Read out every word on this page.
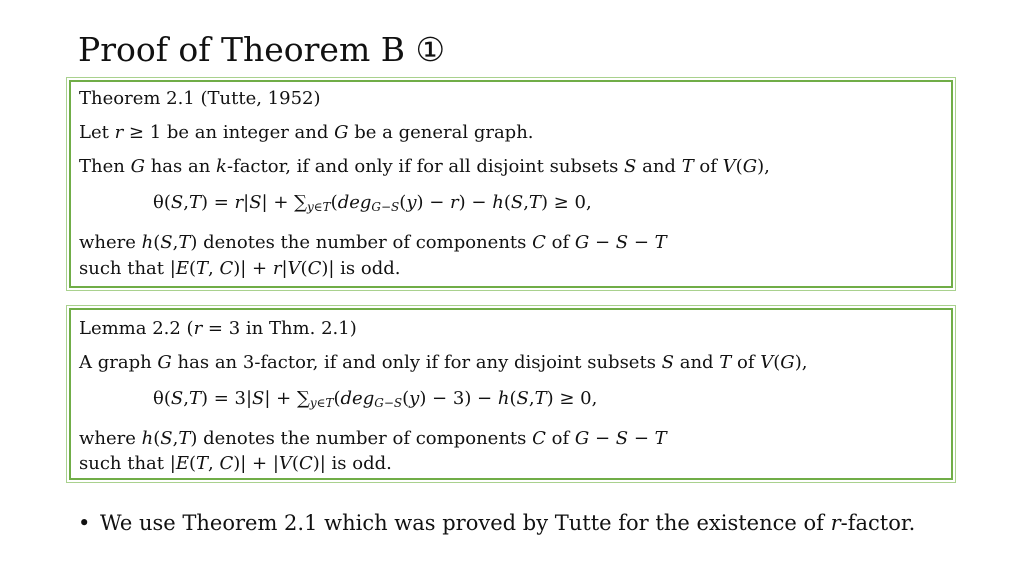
Proof of Theorem B ①
Theorem 2.1 (Tutte, 1952)
Let r ≥ 1 be an integer and G be a general graph.
Then G has an k-factor, if and only if for all disjoint subsets S and T of V(G),
$\theta(S,T) = r|S| + \sum_{y\in T}(deg_{G-S}(y) - r) - h(S,T) \ge 0$,
where h(S,T) denotes the number of components C of G − S − T
such that |E(T, C)| + r|V(C)| is odd.
Lemma 2.2 (r = 3 in Thm. 2.1)
A graph G has an 3-factor, if and only if for any disjoint subsets S and T of V(G),
$\theta(S,T) = 3|S| + \sum_{y\in T}(deg_{G-S}(y) - 3) - h(S,T) \ge 0$,
where h(S,T) denotes the number of components C of G − S − T
such that |E(T, C)| + |V(C)| is odd.
• We use Theorem 2.1 which was proved by Tutte for the existence of r-factor.
